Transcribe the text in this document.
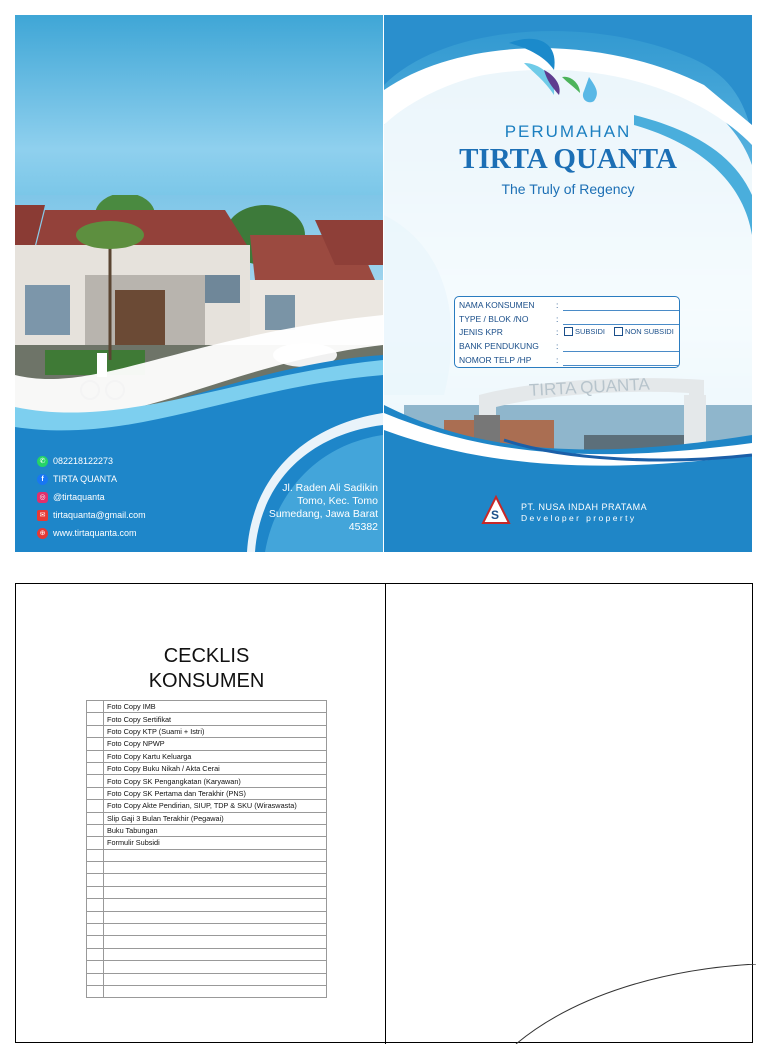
✆ 082218122273
f	TIRTA QUANTA
◎ @tirtaquanta
✉ tirtaquanta@gmail.com
⊕ www.tirtaquanta.com
Jl. Raden Ali Sadikin
Tomo, Kec. Tomo
Sumedang, Jawa Barat
45382
TIRTA QUANTA
S
PERUMAHAN
TIRTA QUANTA
The Truly of Regency
NAMA KONSUMEN	:
TYPE / BLOK /NO	:
JENIS KPR	:	SUBSIDI	NON SUBSIDI
BANK PENDUKUNG	:
NOMOR TELP /HP	:
PT. NUSA INDAH PRATAMA
Developer property
CECKLIS
KONSUMEN
	Foto Copy IMB
	Foto Copy Sertifikat
	Foto Copy KTP (Suami + Istri)
	Foto Copy NPWP
	Foto Copy Kartu Keluarga
	Foto Copy Buku Nikah / Akta Cerai
	Foto Copy SK Pengangkatan (Karyawan)
	Foto Copy SK Pertama dan Terakhir (PNS)
	Foto Copy Akte Pendirian, SIUP, TDP & SKU (Wiraswasta)
	Slip Gaji 3 Bulan Terakhir (Pegawai)
	Buku Tabungan
	Formulir Subsidi
